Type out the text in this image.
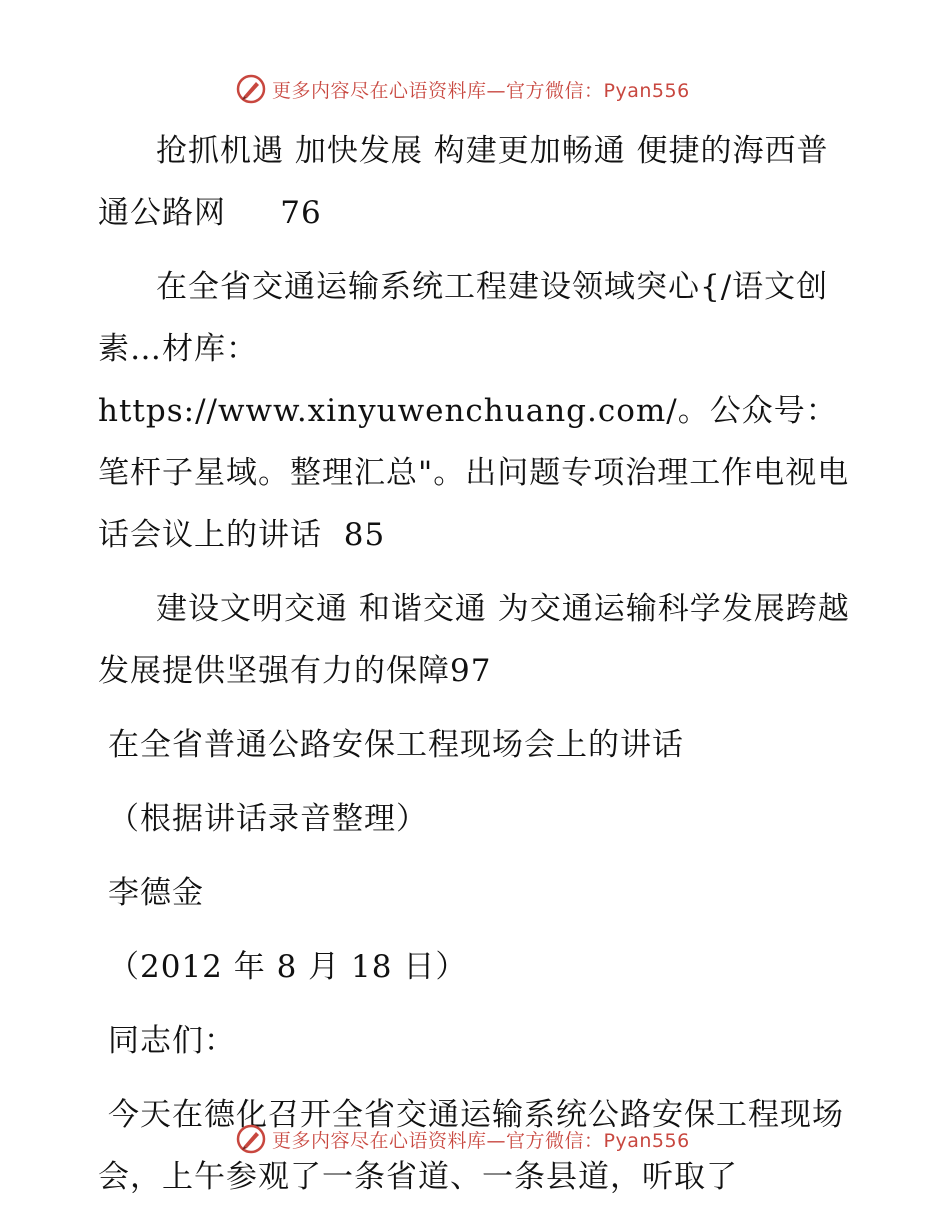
更多内容尽在心语资料库—官方微信：Pyan556

抢抓机遇 加快发展 构建更加畅通 便捷的海西普通公路网 76

在全省交通运输系统工程建设领域突心{/语文创素…材库：https://www.xinyuwenchuang.com/。公众号：笔杆子星域。整理汇总"。出问题专项治理工作电视电话会议上的讲话 85

建设文明交通 和谐交通 为交通运输科学发展跨越发展提供坚强有力的保障97

在全省普通公路安保工程现场会上的讲话

（根据讲话录音整理）

李德金

（2012 年 8 月 18 日）

同志们：

今天在德化召开全省交通运输系统公路安保工程现场会，上午参观了一条省道、一条县道，听取了

更多内容尽在心语资料库—官方微信：Pyan556
